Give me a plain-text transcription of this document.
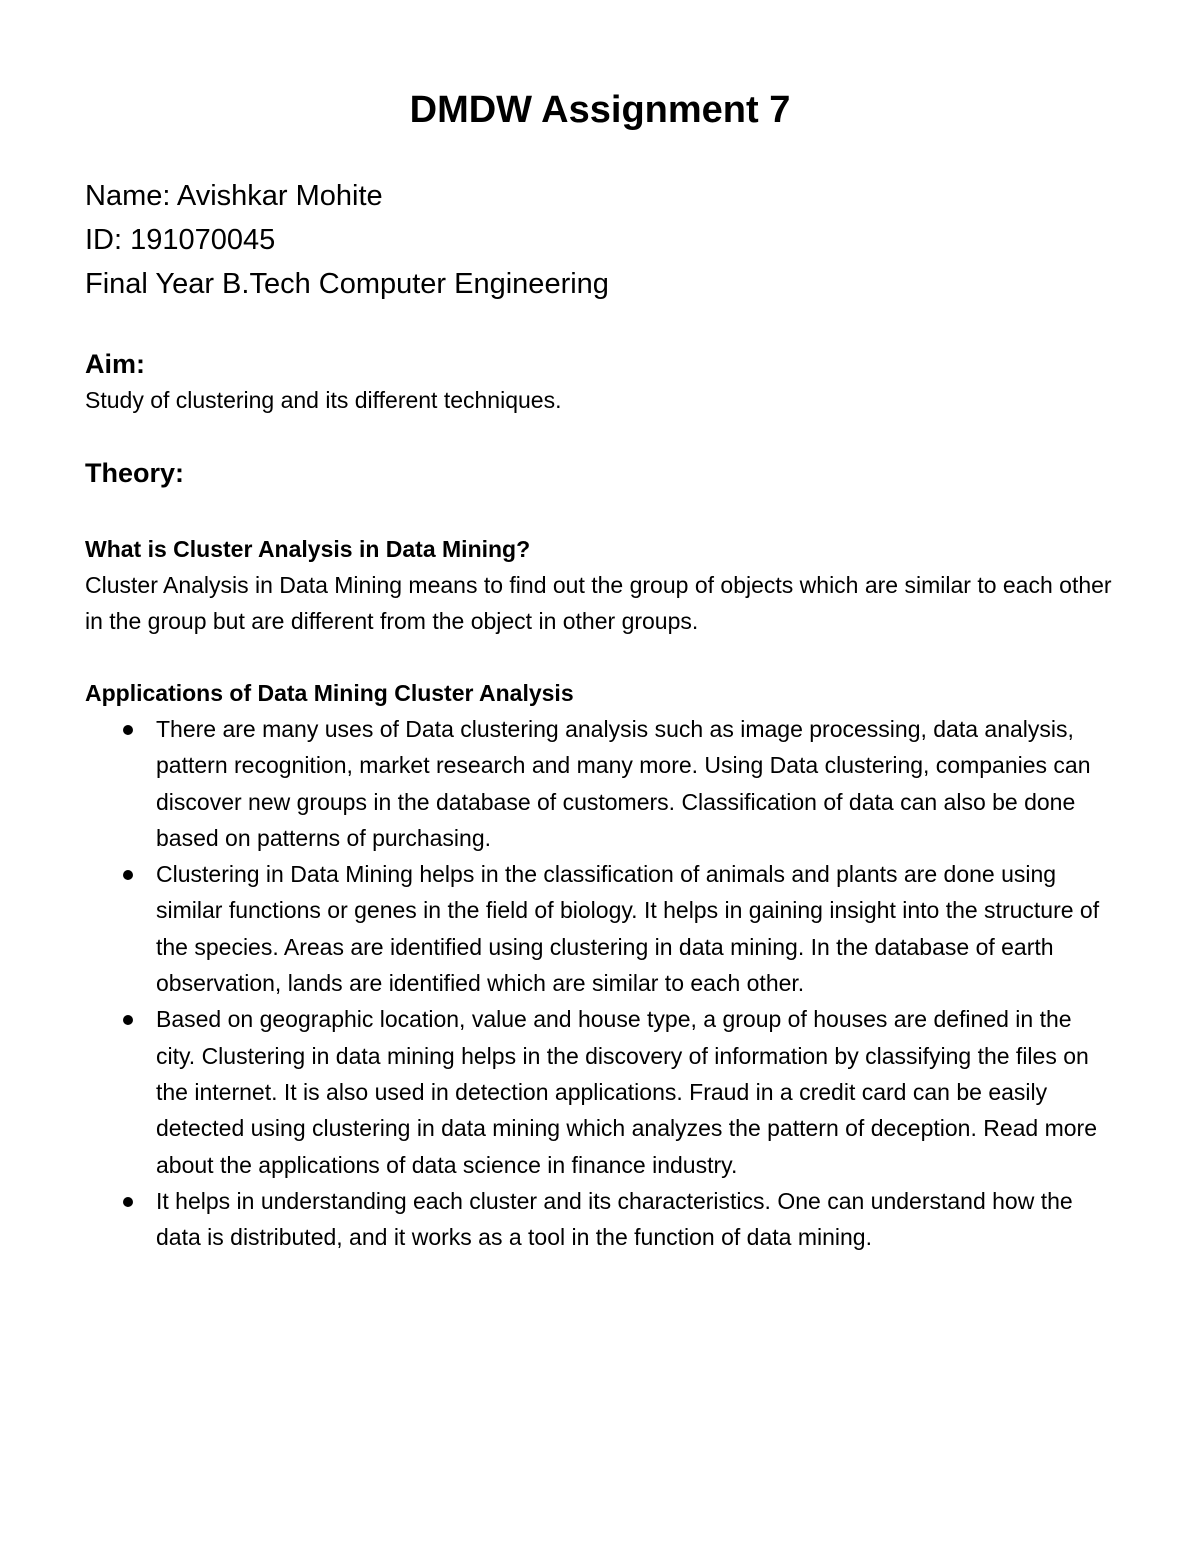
DMDW Assignment 7
Name: Avishkar Mohite
ID: 191070045
Final Year B.Tech Computer Engineering
Aim:
Study of clustering and its different techniques.
Theory:
What is Cluster Analysis in Data Mining?
Cluster Analysis in Data Mining means to find out the group of objects which are similar to each other in the group but are different from the object in other groups.
Applications of Data Mining Cluster Analysis
There are many uses of Data clustering analysis such as image processing, data analysis, pattern recognition, market research and many more. Using Data clustering, companies can discover new groups in the database of customers. Classification of data can also be done based on patterns of purchasing.
Clustering in Data Mining helps in the classification of animals and plants are done using similar functions or genes in the field of biology. It helps in gaining insight into the structure of the species. Areas are identified using clustering in data mining. In the database of earth observation, lands are identified which are similar to each other.
Based on geographic location, value and house type, a group of houses are defined in the city. Clustering in data mining helps in the discovery of information by classifying the files on the internet. It is also used in detection applications. Fraud in a credit card can be easily detected using clustering in data mining which analyzes the pattern of deception. Read more about the applications of data science in finance industry.
It helps in understanding each cluster and its characteristics. One can understand how the data is distributed, and it works as a tool in the function of data mining.
